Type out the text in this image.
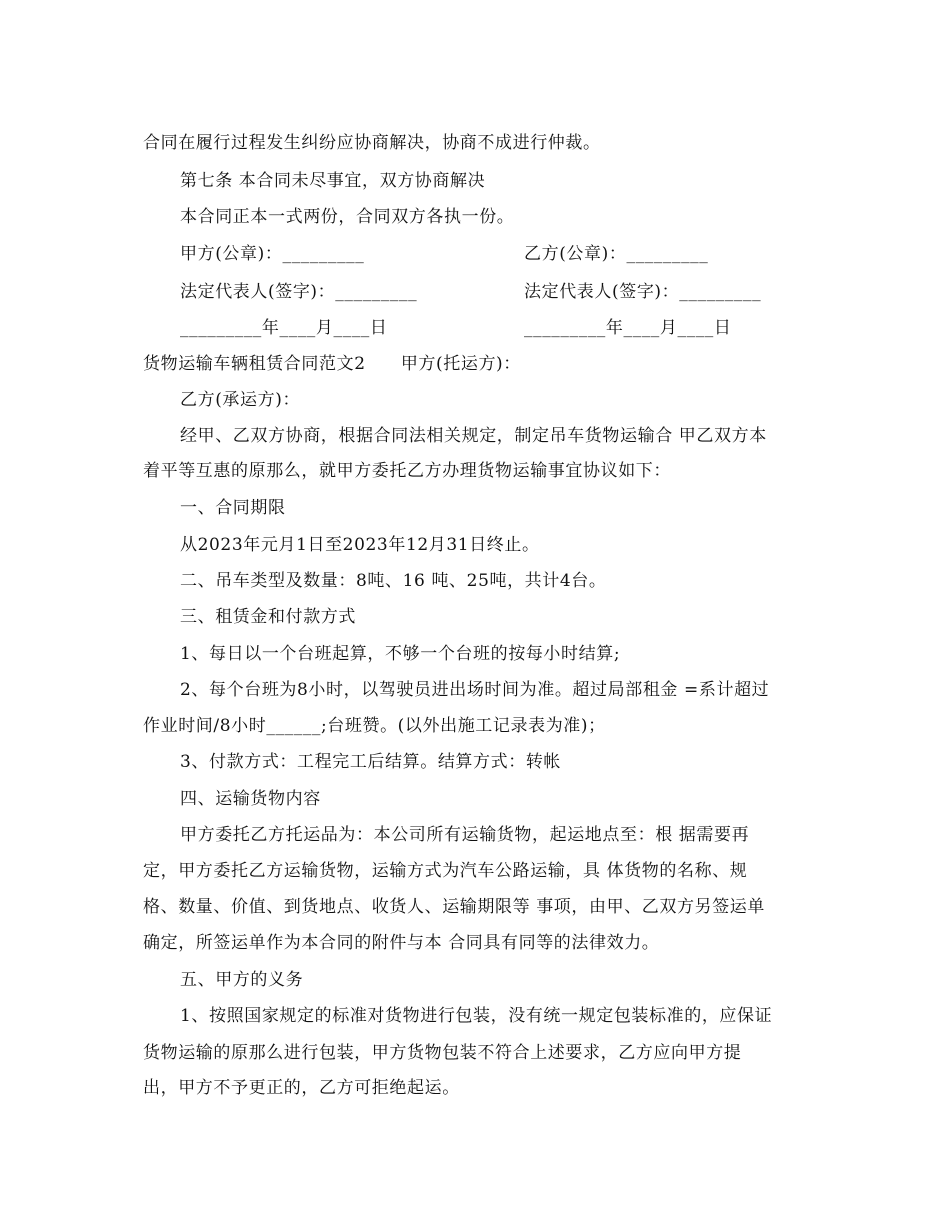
合同在履行过程发生纠纷应协商解决，协商不成进行仲裁。
第七条 本合同未尽事宜，双方协商解决
本合同正本一式两份，合同双方各执一份。
甲方(公章)：_________	乙方(公章)：_________
法定代表人(签字)：_________	法定代表人(签字)：_________
_________年____月____日	_________年____月____日
货物运输车辆租赁合同范文2　　甲方(托运方)：
乙方(承运方)：
经甲、乙双方协商，根据合同法相关规定，制定吊车货物运输合 甲乙双方本
着平等互惠的原那么，就甲方委托乙方办理货物运输事宜协议如下：
一、合同期限
从2023年元月1日至2023年12月31日终止。
二、吊车类型及数量：8吨、16 吨、25吨，共计4台。
三、租赁金和付款方式
1、每日以一个台班起算，不够一个台班的按每小时结算;
2、每个台班为8小时，以驾驶员进出场时间为准。超过局部租金 =系计超过
作业时间/8小时______;台班赞。(以外出施工记录表为准)；
3、付款方式：工程完工后结算。结算方式：转帐
四、运输货物内容
甲方委托乙方托运品为：本公司所有运输货物，起运地点至：根 据需要再
定，甲方委托乙方运输货物，运输方式为汽车公路运输，具 体货物的名称、规
格、数量、价值、到货地点、收货人、运输期限等 事项，由甲、乙双方另签运单
确定，所签运单作为本合同的附件与本 合同具有同等的法律效力。
五、甲方的义务
1、按照国家规定的标准对货物进行包装，没有统一规定包装标准的，应保证
货物运输的原那么进行包装，甲方货物包装不符合上述要求，乙方应向甲方提
出，甲方不予更正的，乙方可拒绝起运。
